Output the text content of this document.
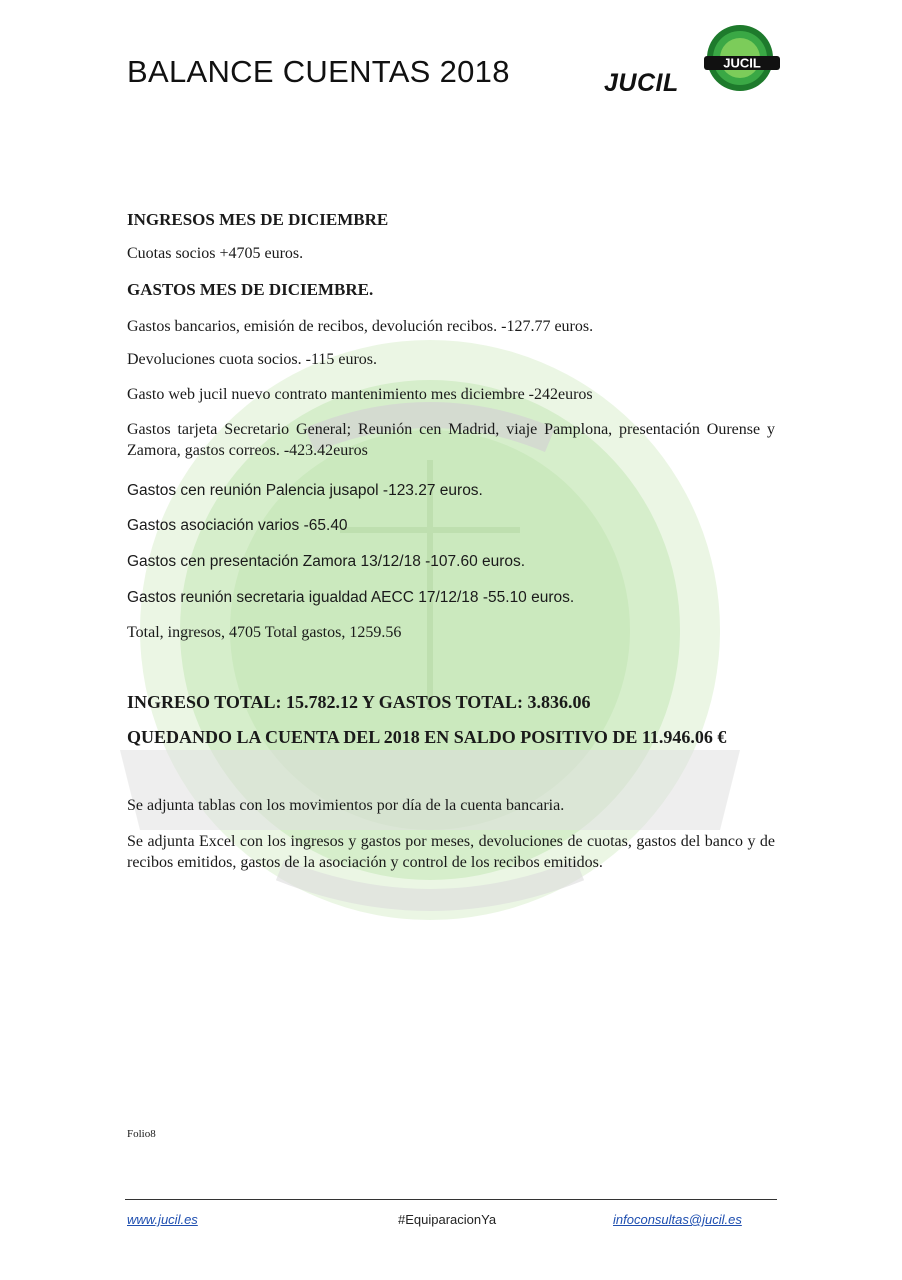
BALANCE CUENTAS 2018	JUCIL
JUCIL
INGRESOS MES DE DICIEMBRE
Cuotas socios +4705 euros.
GASTOS MES DE DICIEMBRE.
Gastos bancarios, emisión de recibos, devolución recibos. -127.77 euros.
Devoluciones cuota socios. -115 euros.
Gasto web jucil nuevo contrato mantenimiento mes diciembre -242euros
Gastos tarjeta Secretario General; Reunión cen Madrid, viaje Pamplona, presentación Ourense y Zamora, gastos correos. -423.42euros
Gastos cen reunión Palencia jusapol -123.27 euros.
Gastos asociación varios -65.40
Gastos cen presentación Zamora 13/12/18 -107.60 euros.
Gastos reunión secretaria igualdad AECC 17/12/18 -55.10 euros.
Total, ingresos, 4705 Total gastos, 1259.56
INGRESO TOTAL: 15.782.12 Y GASTOS TOTAL: 3.836.06
QUEDANDO LA CUENTA DEL 2018 EN SALDO POSITIVO DE 11.946.06 €
Se adjunta tablas con los movimientos por día de la cuenta bancaria.
Se adjunta Excel con los ingresos y gastos por meses, devoluciones de cuotas, gastos del banco y de recibos emitidos, gastos de la asociación y control de los recibos emitidos.
Folio8
www.jucil.es	#EquiparacionYa	infoconsultas@jucil.es
